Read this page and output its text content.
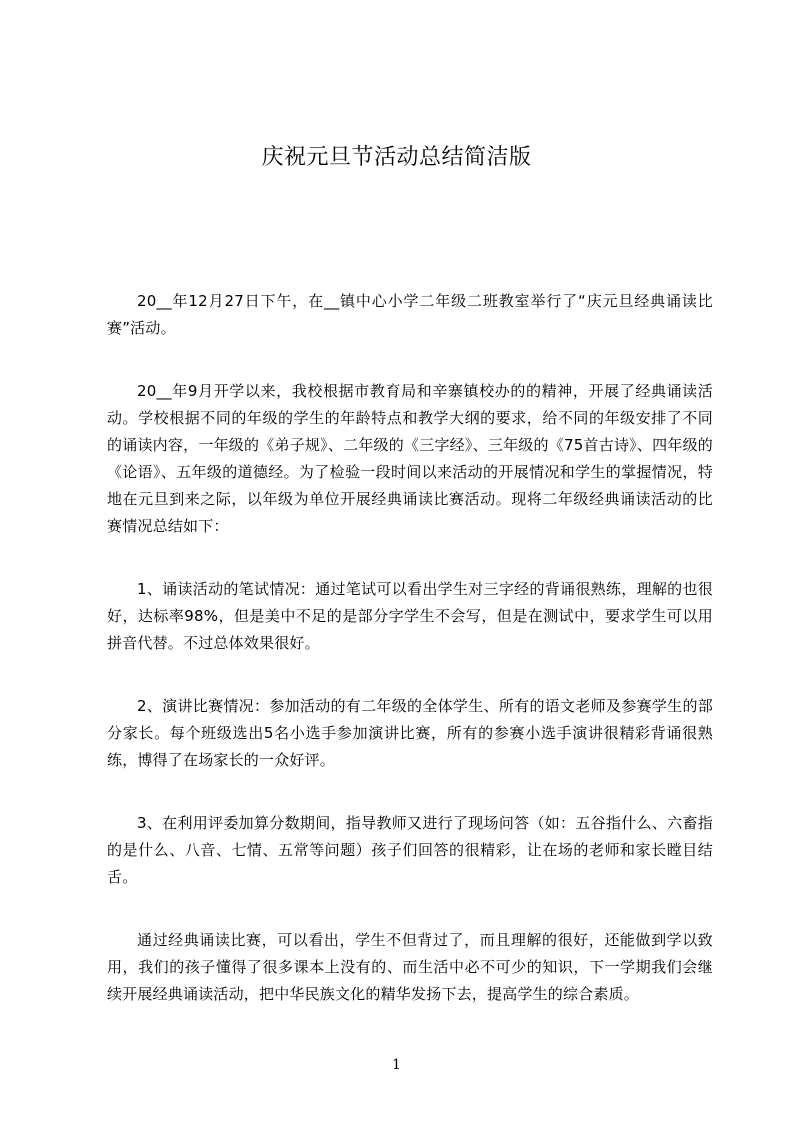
庆祝元旦节活动总结简洁版

20__年12月27日下午，在__镇中心小学二年级二班教室举行了“庆元旦经典诵读比赛”活动。

20__年9月开学以来，我校根据市教育局和辛寨镇校办的的精神，开展了经典诵读活动。学校根据不同的年级的学生的年龄特点和教学大纲的要求，给不同的年级安排了不同的诵读内容，一年级的《弟子规》、二年级的《三字经》、三年级的《75首古诗》、四年级的《论语》、五年级的道德经。为了检验一段时间以来活动的开展情况和学生的掌握情况，特地在元旦到来之际，以年级为单位开展经典诵读比赛活动。现将二年级经典诵读活动的比赛情况总结如下：

1、诵读活动的笔试情况：通过笔试可以看出学生对三字经的背诵很熟练，理解的也很好，达标率98%，但是美中不足的是部分字学生不会写，但是在测试中，要求学生可以用拼音代替。不过总体效果很好。

2、演讲比赛情况：参加活动的有二年级的全体学生、所有的语文老师及参赛学生的部分家长。每个班级选出5名小选手参加演讲比赛，所有的参赛小选手演讲很精彩背诵很熟练，博得了在场家长的一众好评。

3、在利用评委加算分数期间，指导教师又进行了现场问答（如：五谷指什么、六畜指的是什么、八音、七情、五常等问题）孩子们回答的很精彩，让在场的老师和家长瞠目结舌。

通过经典诵读比赛，可以看出，学生不但背过了，而且理解的很好，还能做到学以致用，我们的孩子懂得了很多课本上没有的、而生活中必不可少的知识，下一学期我们会继续开展经典诵读活动，把中华民族文化的精华发扬下去，提高学生的综合素质。

1
